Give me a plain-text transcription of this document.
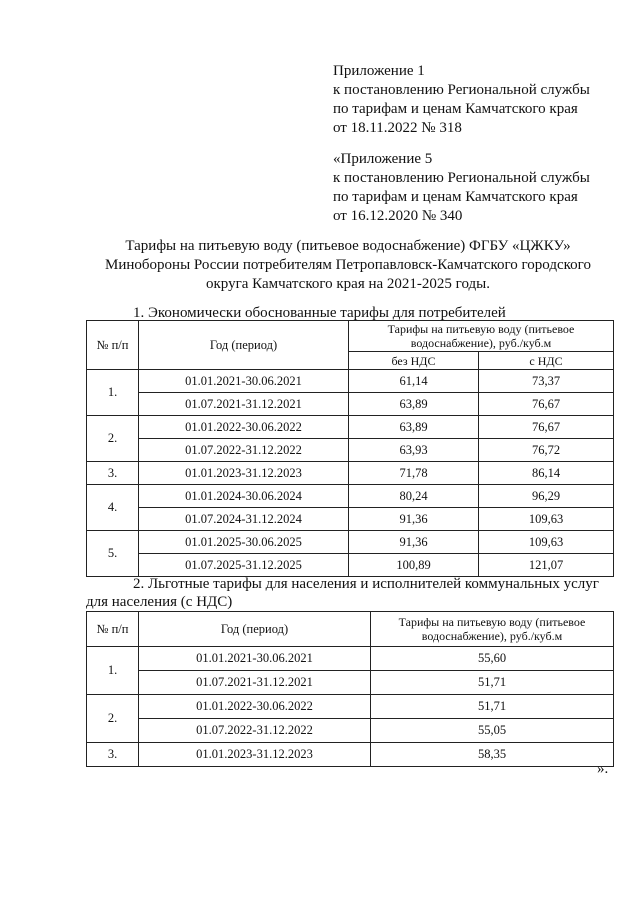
Приложение 1
к постановлению Региональной службы
по тарифам и ценам Камчатского края
от 18.11.2022 № 318
«Приложение 5
к постановлению Региональной службы
по тарифам и ценам Камчатского края
от 16.12.2020 № 340
Тарифы на питьевую воду (питьевое водоснабжение) ФГБУ «ЦЖКУ»
Минобороны России потребителям Петропавловск-Камчатского городского
округа Камчатского края на 2021-2025 годы.
1. Экономически обоснованные тарифы для потребителей
№ п/п	Год (период)	Тарифы на питьевую воду (питьевое водоснабжение), руб./куб.м	
		без НДС	с НДС
1.	01.01.2021-30.06.2021	61,14	73,37
	01.07.2021-31.12.2021	63,89	76,67
2.	01.01.2022-30.06.2022	63,89	76,67
	01.07.2022-31.12.2022	63,93	76,72
3.	01.01.2023-31.12.2023	71,78	86,14
4.	01.01.2024-30.06.2024	80,24	96,29
	01.07.2024-31.12.2024	91,36	109,63
5.	01.01.2025-30.06.2025	91,36	109,63
	01.07.2025-31.12.2025	100,89	121,07
2. Льготные тарифы для населения и исполнителей коммунальных услуг
для населения (с НДС)
№ п/п	Год (период)	Тарифы на питьевую воду (питьевое водоснабжение), руб./куб.м
1.	01.01.2021-30.06.2021	55,60
	01.07.2021-31.12.2021	51,71
2.	01.01.2022-30.06.2022	51,71
	01.07.2022-31.12.2022	55,05
3.	01.01.2023-31.12.2023	58,35
».
